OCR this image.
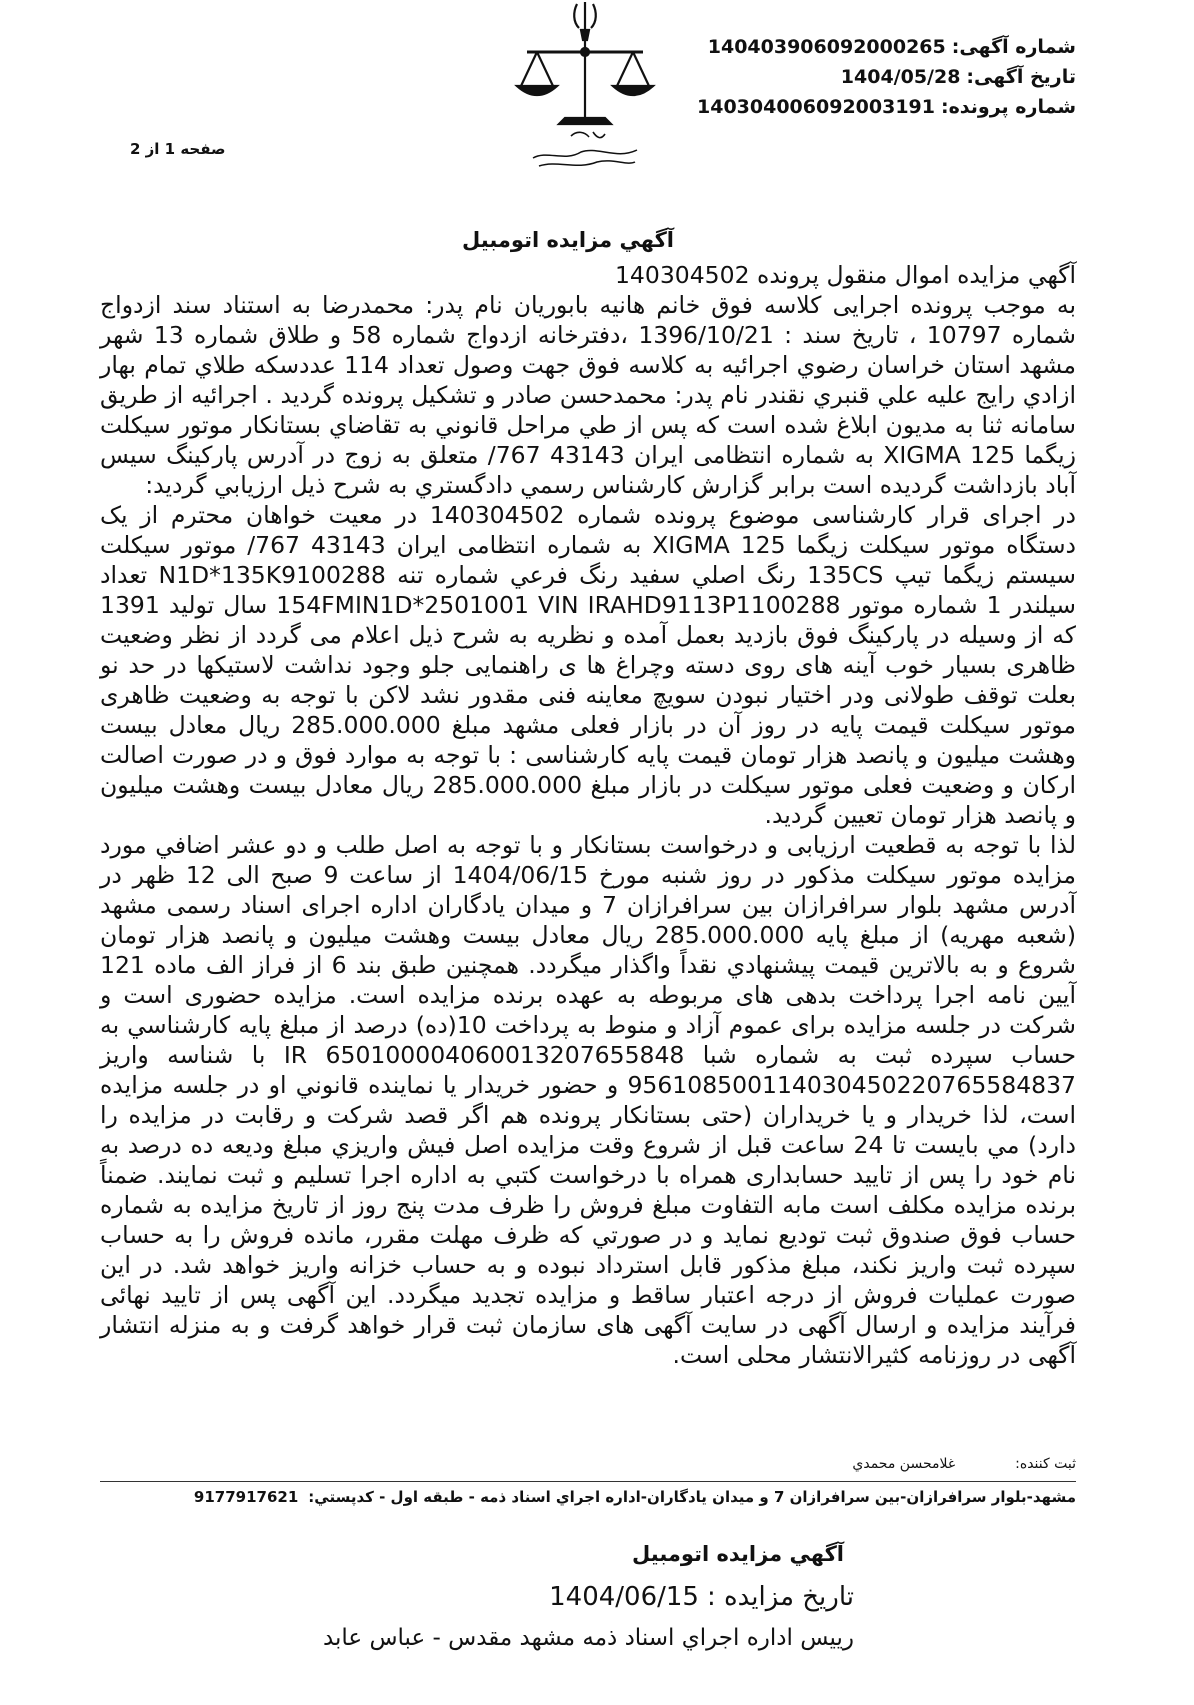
شماره آگهی:140403906092000265
تاریخ آگهی:1404/05/28
شماره پرونده:140304006092003191
صفحه 1 از 2
آگهي مزايده اتومبيل

آگهي مزايده اموال منقول پرونده 140304502

به موجب پرونده اجرايی كلاسه فوق خانم هانيه بابوريان نام پدر: محمدرضا به استناد سند ازدواج شماره 10797 ، تاريخ سند : 1396/10/21 ،دفترخانه ازدواج شماره 58 و طلاق شماره 13 شهر مشهد استان خراسان رضوي اجرائيه به كلاسه فوق جهت وصول تعداد 114 عددسكه طلاي تمام بهار ازادي رايج عليه علي قنبري نقندر نام پدر: محمدحسن صادر و تشكيل پرونده گرديد . اجرائيه از طريق سامانه ثنا به مديون ابلاغ شده است كه پس از طي مراحل قانوني به تقاضاي بستانكار موتور سيكلت زيگما XIGMA 125 به شماره انتظامی ايران 43143 767/ متعلق به زوج در آدرس پاركينگ سيس آباد بازداشت گرديده است برابر گزارش كارشناس رسمي دادگستري به شرح ذيل ارزيابي گرديد:

در اجرای قرار كارشناسی موضوع پرونده شماره 140304502 در معيت خواهان محترم از يک دستگاه موتور سيكلت زيگما XIGMA 125 به شماره انتظامی ايران 43143 767/ موتور سيكلت سيستم زيگما تيپ 135CS رنگ اصلي سفيد رنگ فرعي شماره تنه N1D*135K9100288 تعداد سيلندر 1 شماره موتور 154FMIN1D*2501001 VIN IRAHD9113P1100288 سال توليد 1391 كه از وسيله در پاركينگ فوق بازديد بعمل آمده و نظريه به شرح ذيل اعلام می گردد از نظر وضعيت ظاهری بسيار خوب آينه های روی دسته وچراغ ها ی راهنمايی جلو وجود نداشت لاستيكها در حد نو بعلت توقف طولانی ودر اختيار نبودن سويچ معاينه فنی مقدور نشد لاكن با توجه به وضعيت ظاهری موتور سيكلت قيمت پايه در روز آن در بازار فعلی مشهد مبلغ 285.000.000 ريال معادل بيست وهشت ميليون و پانصد هزار تومان قيمت پايه كارشناسی : با توجه به موارد فوق و در صورت اصالت اركان و وضعيت فعلی موتور سيكلت در بازار مبلغ 285.000.000 ريال معادل بيست وهشت ميليون و پانصد هزار تومان تعيين گرديد.

لذا با توجه به قطعيت ارزيابی و درخواست بستانكار و با توجه به اصل طلب و دو عشر اضافي مورد مزايده موتور سيكلت مذكور در روز شنبه مورخ 1404/06/15 از ساعت 9 صبح الی 12 ظهر در آدرس مشهد بلوار سرافرازان بين سرافرازان 7 و ميدان يادگاران اداره اجرای اسناد رسمی مشهد (شعبه مهريه) از مبلغ پايه 285.000.000 ريال معادل بيست وهشت ميليون و پانصد هزار تومان شروع و به بالاترين قيمت پيشنهادي نقداً واگذار ميگردد. همچنين طبق بند 6 از فراز الف ماده 121 آيين نامه اجرا پرداخت بدهی های مربوطه به عهده برنده مزايده است. مزايده حضوری است و شركت در جلسه مزايده برای عموم آزاد و منوط به پرداخت 10(ده) درصد از مبلغ پايه كارشناسي به حساب سپرده ثبت به شماره شبا IR 650100004060013207655848 با شناسه واريز 956108500114030450220765584837 و حضور خريدار يا نماينده قانوني او در جلسه مزايده است، لذا خريدار و يا خريداران (حتی بستانكار پرونده هم اگر قصد شركت و رقابت در مزايده را دارد) مي بايست تا 24 ساعت قبل از شروع وقت مزايده اصل فيش واريزي مبلغ وديعه ده درصد به نام خود را پس از تاييد حسابداری همراه با درخواست كتبي به اداره اجرا تسليم و ثبت نمايند. ضمناً برنده مزايده مكلف است مابه التفاوت مبلغ فروش را ظرف مدت پنج روز از تاريخ مزايده به شماره حساب فوق صندوق ثبت توديع نمايد و در صورتي كه ظرف مهلت مقرر، مانده فروش را به حساب سپرده ثبت واريز نكند، مبلغ مذكور قابل استرداد نبوده و به حساب خزانه واريز خواهد شد. در اين صورت عمليات فروش از درجه اعتبار ساقط و مزايده تجديد ميگردد. اين آگهی پس از تاييد نهائی فرآيند مزايده و ارسال آگهی در سايت آگهی های سازمان ثبت قرار خواهد گرفت و به منزله انتشار آگهی در روزنامه كثيرالانتشار محلی است.

ثبت كننده:غلامحسن محمدي
مشهد-بلوار سرافرازان-بين سرافرازان 7 و ميدان يادگاران-اداره اجراي اسناد ذمه - طبقه اول - كدپستي:9177917621
آگهي مزايده اتومبيل
تاريخ مزايده :1404/06/15
رييس اداره اجراي اسناد ذمه مشهد مقدس - عباس عابد
